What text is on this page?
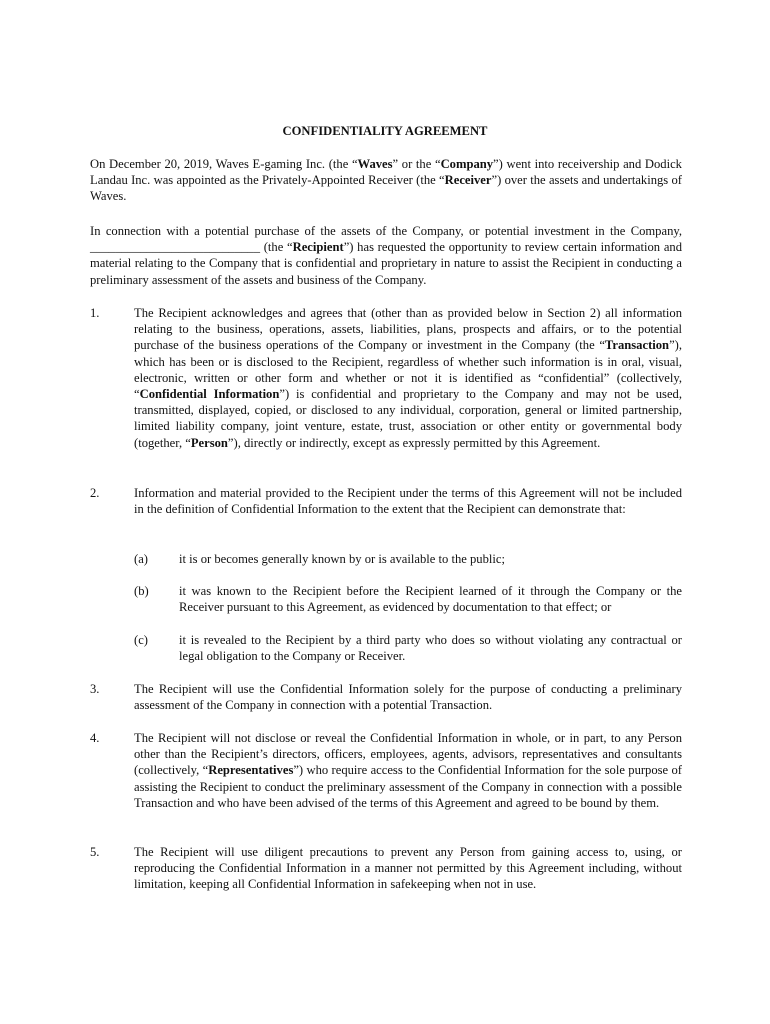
CONFIDENTIALITY AGREEMENT
On December 20, 2019, Waves E-gaming Inc. (the “Waves” or the “Company”) went into receivership and Dodick Landau Inc. was appointed as the Privately-Appointed Receiver (the “Receiver”) over the assets and undertakings of Waves.
In connection with a potential purchase of the assets of the Company, or potential investment in the Company, ___________________________ (the “Recipient”) has requested the opportunity to review certain information and material relating to the Company that is confidential and proprietary in nature to assist the Recipient in conducting a preliminary assessment of the assets and business of the Company.
1.	The Recipient acknowledges and agrees that (other than as provided below in Section 2) all information relating to the business, operations, assets, liabilities, plans, prospects and affairs, or to the potential purchase of the business operations of the Company or investment in the Company (the “Transaction”), which has been or is disclosed to the Recipient, regardless of whether such information is in oral, visual, electronic, written or other form and whether or not it is identified as “confidential” (collectively, “Confidential Information”) is confidential and proprietary to the Company and may not be used, transmitted, displayed, copied, or disclosed to any individual, corporation, general or limited partnership, limited liability company, joint venture, estate, trust, association or other entity or governmental body (together, “Person”), directly or indirectly, except as expressly permitted by this Agreement.
2.	Information and material provided to the Recipient under the terms of this Agreement will not be included in the definition of Confidential Information to the extent that the Recipient can demonstrate that:
(a) it is or becomes generally known by or is available to the public;
(b) it was known to the Recipient before the Recipient learned of it through the Company or the Receiver pursuant to this Agreement, as evidenced by documentation to that effect; or
(c) it is revealed to the Recipient by a third party who does so without violating any contractual or legal obligation to the Company or Receiver.
3.	The Recipient will use the Confidential Information solely for the purpose of conducting a preliminary assessment of the Company in connection with a potential Transaction.
4.	The Recipient will not disclose or reveal the Confidential Information in whole, or in part, to any Person other than the Recipient’s directors, officers, employees, agents, advisors, representatives and consultants (collectively, “Representatives”) who require access to the Confidential Information for the sole purpose of assisting the Recipient to conduct the preliminary assessment of the Company in connection with a possible Transaction and who have been advised of the terms of this Agreement and agreed to be bound by them.
5.	The Recipient will use diligent precautions to prevent any Person from gaining access to, using, or reproducing the Confidential Information in a manner not permitted by this Agreement including, without limitation, keeping all Confidential Information in safekeeping when not in use.
